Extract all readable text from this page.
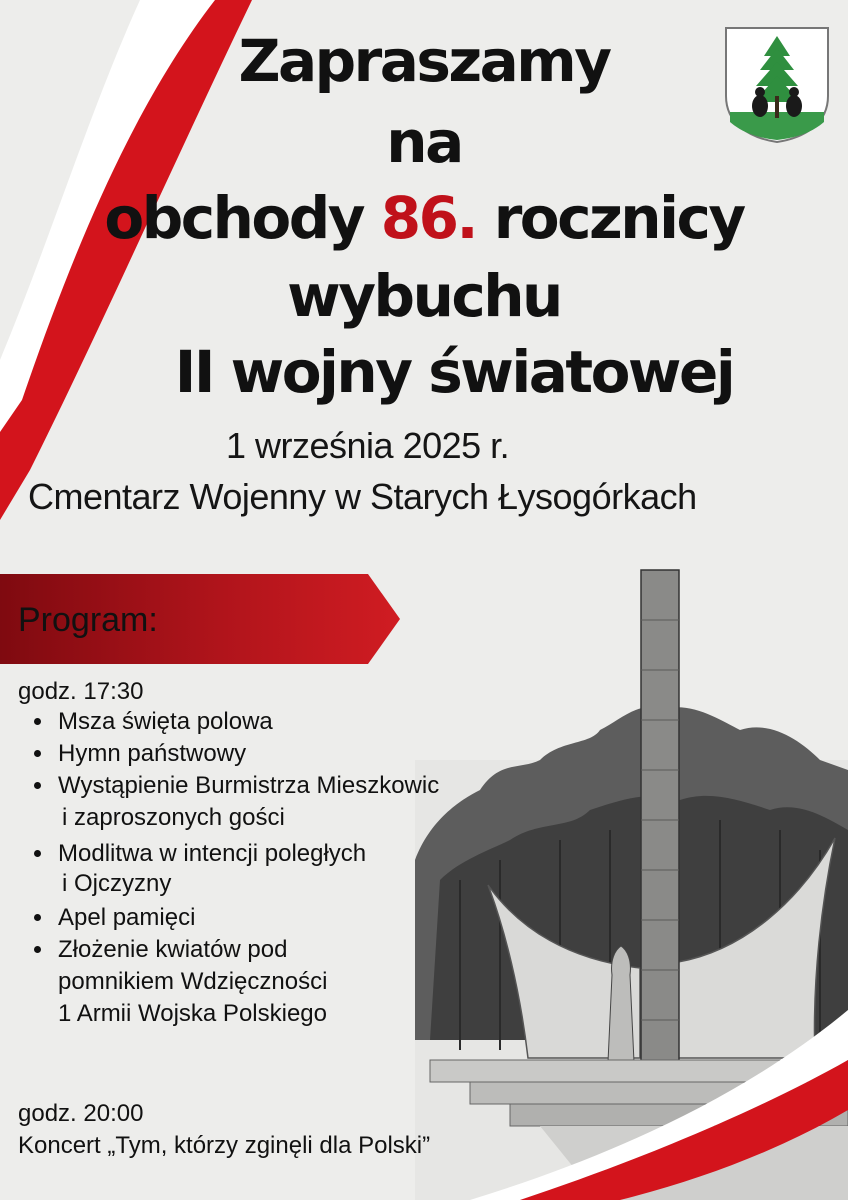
Zapraszamy
na
obchody 86. rocznicy
wybuchu
II wojny światowej
1 września 2025 r.
Cmentarz Wojenny w Starych Łysogórkach
Program:
godz. 17:30
Msza święta polowa
Hymn państwowy
Wystąpienie Burmistrza Mieszkowic
i zaproszonych gości
Modlitwa w intencji poległych
i Ojczyzny
Apel pamięci
Złożenie kwiatów pod
pomnikiem Wdzięczności
1 Armii Wojska Polskiego
godz. 20:00
Koncert „Tym, którzy zginęli dla Polski”
